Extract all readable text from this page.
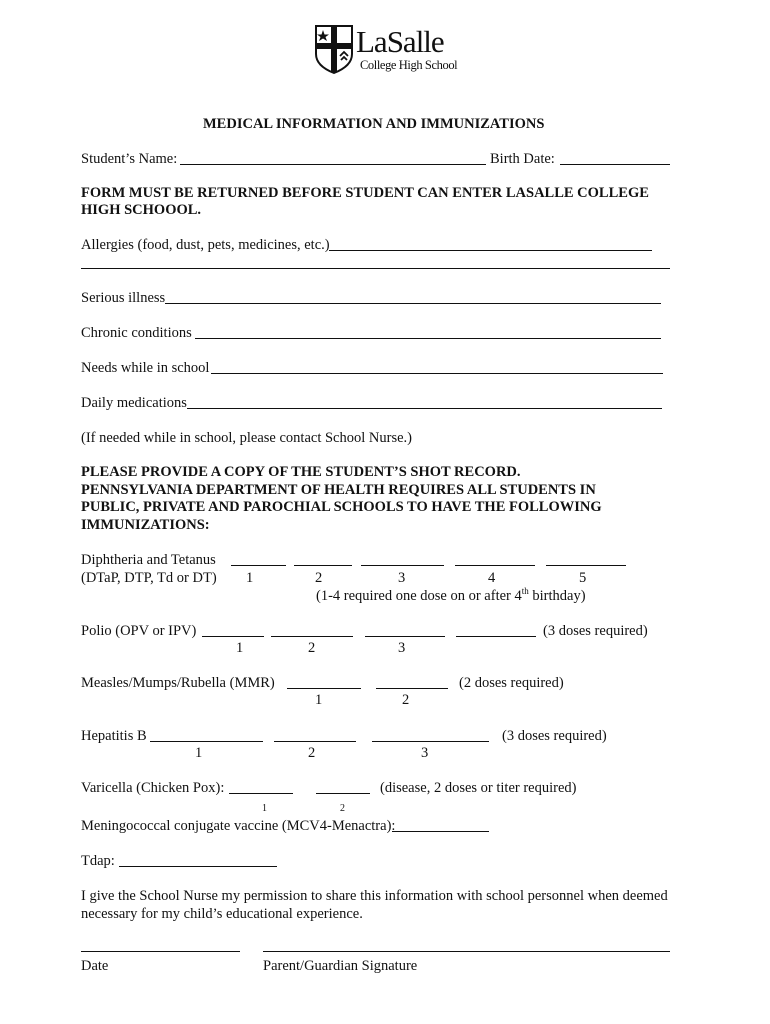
LaSalle
College High School
MEDICAL INFORMATION AND IMMUNIZATIONS
Student’s Name:	Birth Date:
FORM MUST BE RETURNED BEFORE STUDENT CAN ENTER LASALLE COLLEGE
HIGH SCHOOOL.
Allergies (food, dust, pets, medicines, etc.)
Serious illness
Chronic conditions
Needs while in school
Daily medications
(If needed while in school, please contact School Nurse.)
PLEASE PROVIDE A COPY OF THE STUDENT’S SHOT RECORD.
PENNSYLVANIA DEPARTMENT OF HEALTH REQUIRES ALL STUDENTS IN
PUBLIC, PRIVATE AND PAROCHIAL SCHOOLS TO HAVE THE FOLLOWING
IMMUNIZATIONS:
Diphtheria and Tetanus
(DTaP, DTP, Td or DT) 1	2	3	4	5
(1-4 required one dose on or after 4th birthday)
Polio (OPV or IPV)	(3 doses required)
1	2	3
Measles/Mumps/Rubella (MMR)	(2 doses required)
1	2
Hepatitis B	(3 doses required)
1	2	3
Varicella (Chicken Pox):	(disease, 2 doses or titer required)
1	2
Meningococcal conjugate vaccine (MCV4-Menactra):
Tdap:
I give the School Nurse my permission to share this information with school personnel when deemed
necessary for my child’s educational experience.
Date	Parent/Guardian Signature
